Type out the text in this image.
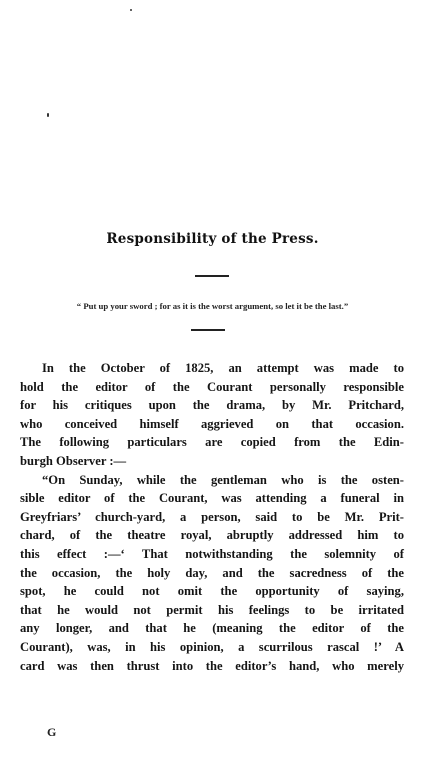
Responsibility of the Press.
“ Put up your sword ; for as it is the worst argument, so let it be the last.”
In the October of 1825, an attempt was made to
hold the editor of the Courant personally responsible
for his critiques upon the drama, by Mr. Pritchard,
who conceived himself aggrieved on that occasion.
The following particulars are copied from the Edin-
burgh Observer :—
“On Sunday, while the gentleman who is the osten-
sible editor of the Courant, was attending a funeral in
Greyfriars’ church-yard, a person, said to be Mr. Prit-
chard, of the theatre royal, abruptly addressed him to
this effect :—‘ That notwithstanding the solemnity of
the occasion, the holy day, and the sacredness of the
spot, he could not omit the opportunity of saying,
that he would not permit his feelings to be irritated
any longer, and that he (meaning the editor of the
Courant), was, in his opinion, a scurrilous rascal !’ A
card was then thrust into the editor’s hand, who merely
G
